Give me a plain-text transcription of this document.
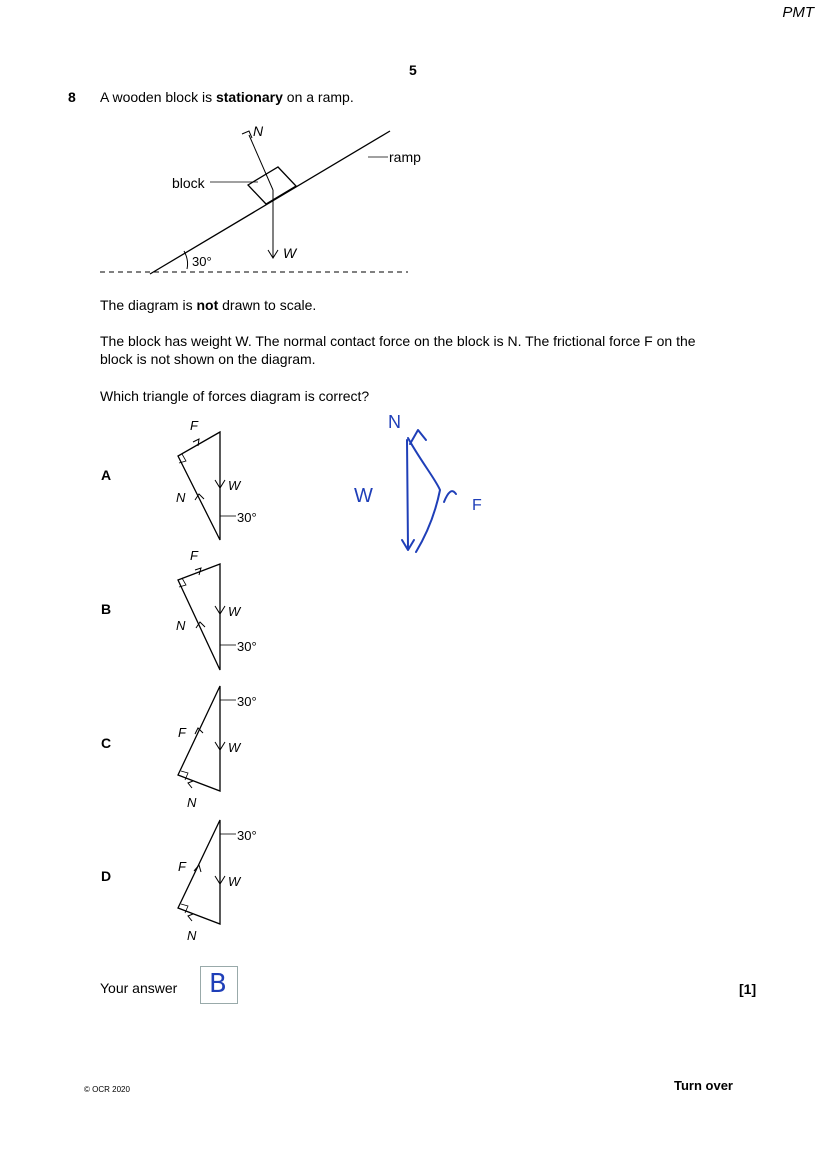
PMT
5
8 A wooden block is stationary on a ramp.
N
ramp
block
W
30°
The diagram is not drawn to scale.
The block has weight W. The normal contact force on the block is N. The frictional force F on the
block is not shown on the diagram.
Which triangle of forces diagram is correct?
A
B
C
D
F
N
W
30°
F
N
W
30°
F
N
W
30°
F
N
W
30°
N
W	F
Your answer B	[1]
© OCR 2020	Turn over
